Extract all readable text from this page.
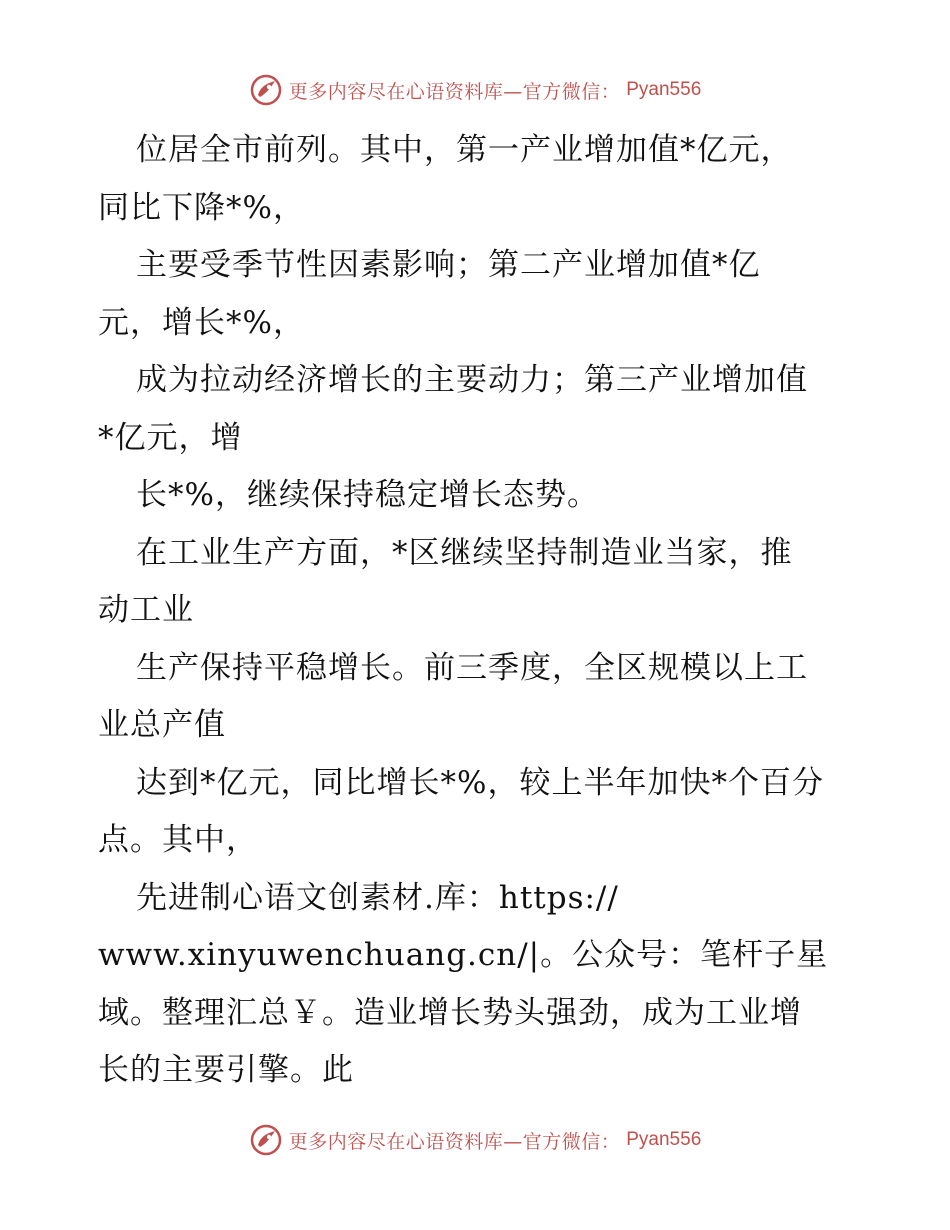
更多内容尽在心语资料库—官方微信： Pyan556
位居全市前列。其中，第一产业增加值*亿元，
同比下降*%，
主要受季节性因素影响；第二产业增加值*亿
元，增长*%，
成为拉动经济增长的主要动力；第三产业增加值
*亿元，增
长*%，继续保持稳定增长态势。
在工业生产方面，*区继续坚持制造业当家，推
动工业
生产保持平稳增长。前三季度，全区规模以上工
业总产值
达到*亿元，同比增长*%，较上半年加快*个百分
点。其中，
先进制心语文创素材.库：https://
www.xinyuwenchuang.cn/|。公众号：笔杆子星
域。整理汇总￥。造业增长势头强劲，成为工业增
长的主要引擎。此
更多内容尽在心语资料库—官方微信： Pyan556
